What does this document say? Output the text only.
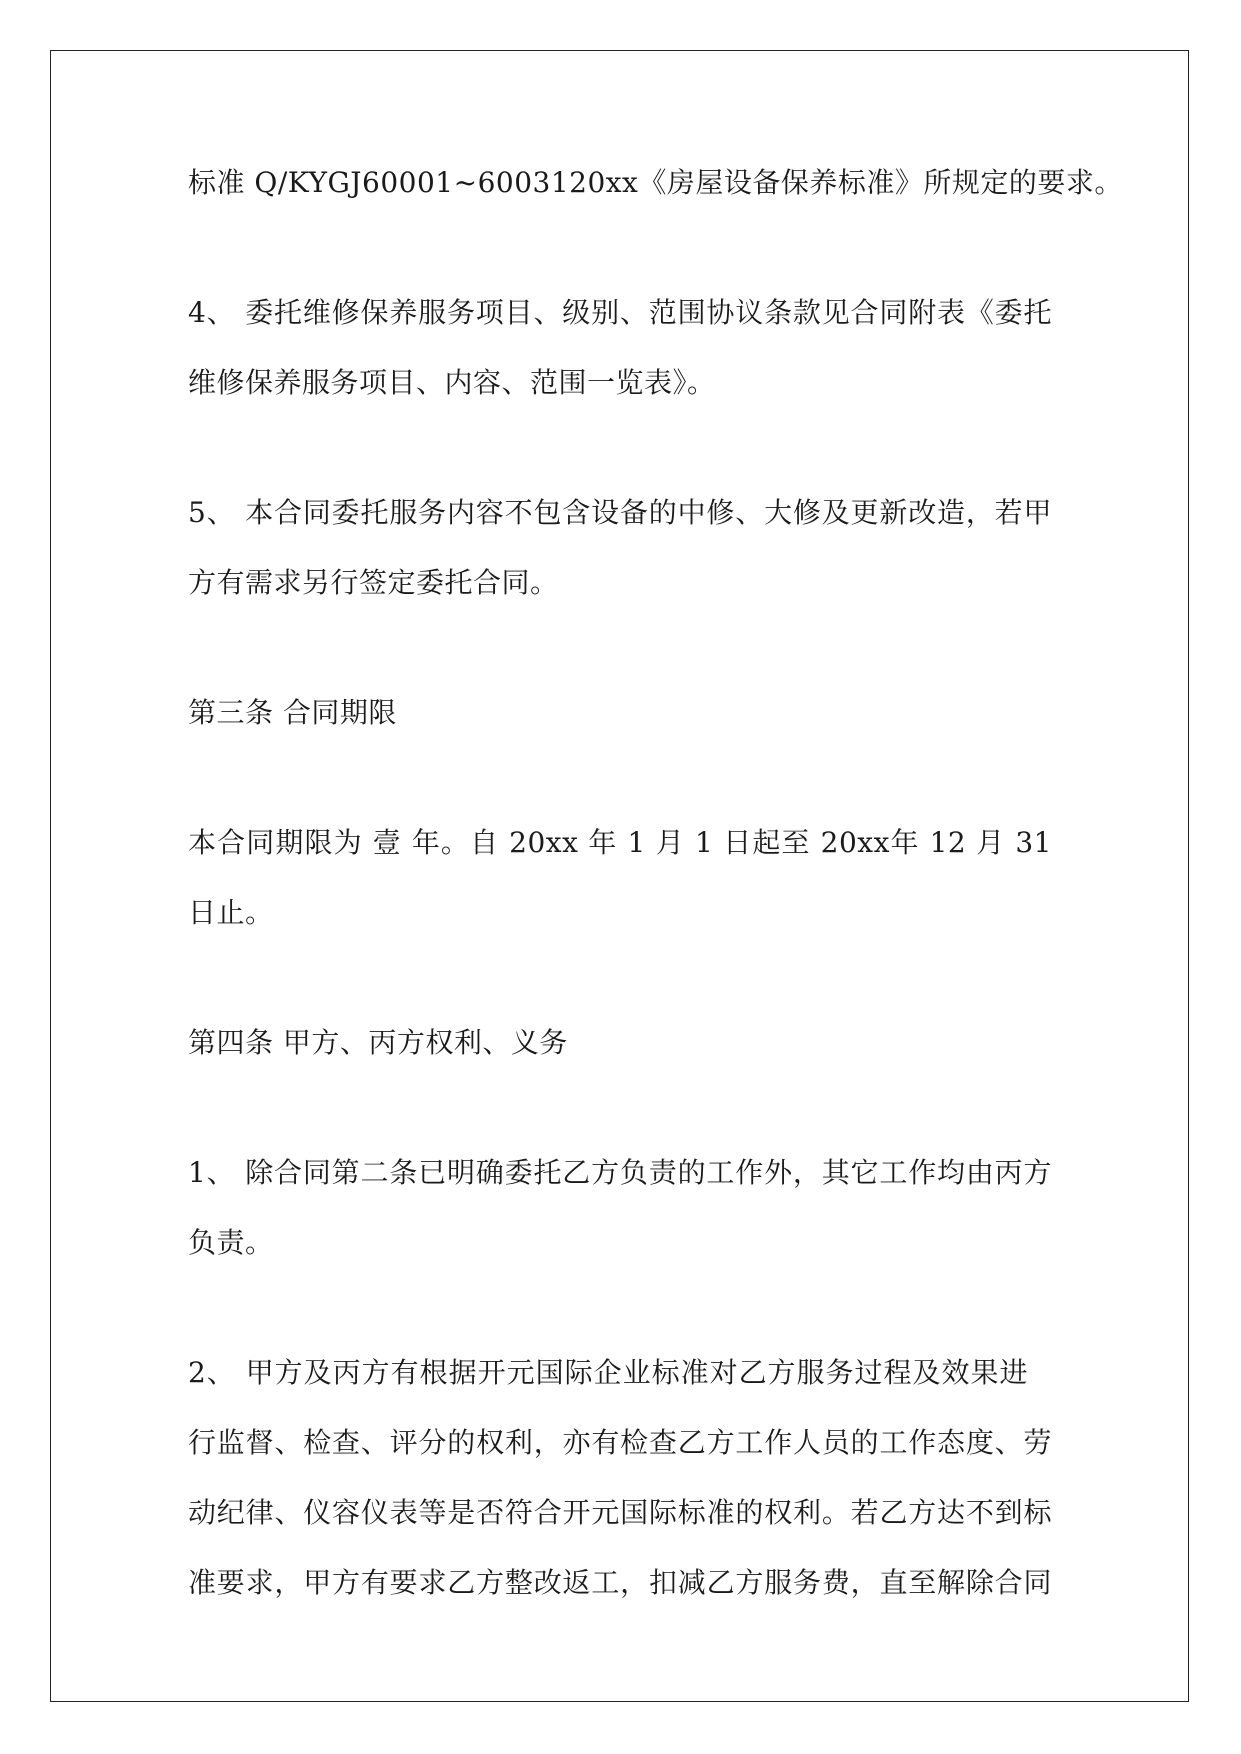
标准 Q/KYGJ60001~6003120xx《房屋设备保养标准》所规定的要求。
4、 委托维修保养服务项目、级别、范围协议条款见合同附表《委托
维修保养服务项目、内容、范围一览表》。
5、 本合同委托服务内容不包含设备的中修、大修及更新改造，若甲
方有需求另行签定委托合同。
第三条 合同期限
本合同期限为 壹 年。自 20xx 年 1 月 1 日起至 20xx年 12 月 31
日止。
第四条 甲方、丙方权利、义务
1、 除合同第二条已明确委托乙方负责的工作外，其它工作均由丙方
负责。
2、 甲方及丙方有根据开元国际企业标准对乙方服务过程及效果进
行监督、检查、评分的权利，亦有检查乙方工作人员的工作态度、劳
动纪律、仪容仪表等是否符合开元国际标准的权利。若乙方达不到标
准要求，甲方有要求乙方整改返工，扣减乙方服务费，直至解除合同
